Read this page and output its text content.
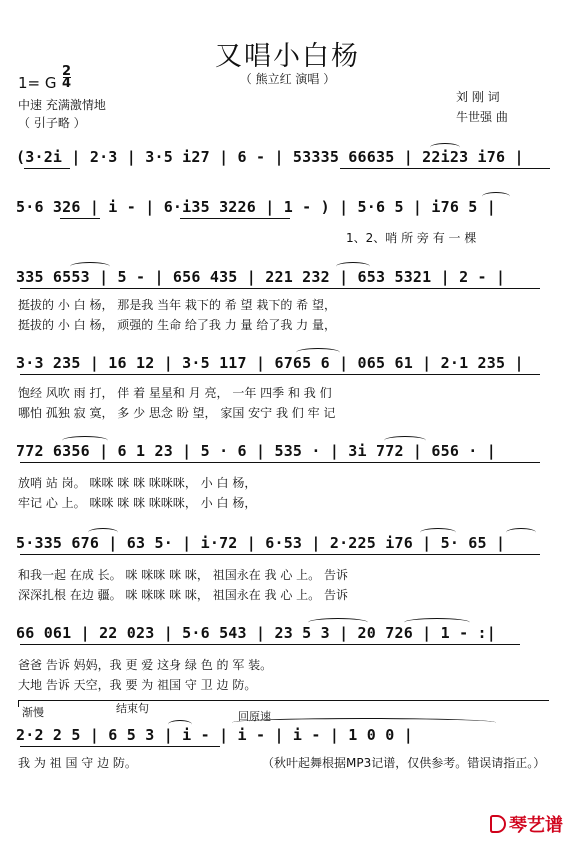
又唱小白杨
（ 熊立红 演唱 ）
1= G
2
4
中速 充满激情地
（ 引子略 ）
刘 刚 词
牛世强 曲
(3·2i | 2·3 | 3·5 i27 | 6 - | 53335 66635 | 22i23 i76 |
5·6 326 | i - | 6·i35 3226 | 1 - ) | 5·6 5 | i76 5 |
1、2、哨 所 旁 有 一 棵
335 6553 | 5 - | 656 435 | 221 232 | 653 5321 | 2 - |
挺拔的 小 白 杨， 那是我 当年 栽下的 希 望 栽下的 希 望，
挺拔的 小 白 杨， 顽强的 生命 给了我 力 量 给了我 力 量，
3·3 235 | 16 12 | 3·5 117 | 6765 6 | 065 61 | 2·1 235 |
饱经 风吹 雨 打， 伴 着 星星和 月 亮， 一年 四季 和 我 们
哪怕 孤独 寂 寞， 多 少 思念 盼 望， 家国 安宁 我 们 牢 记
772 6356 | 6 1 23 | 5 · 6 | 535 · | 3i 772 | 656 · |
放哨 站 岗。 咪咪 咪 咪 咪咪咪， 小 白 杨，
牢记 心 上。 咪咪 咪 咪 咪咪咪， 小 白 杨，
5·335 676 | 63 5· | i·72 | 6·53 | 2·225 i76 | 5· 65 |
和我一起 在成 长。 咪 咪咪 咪 咪， 祖国永在 我 心 上。 告诉
深深扎根 在边 疆。 咪 咪咪 咪 咪， 祖国永在 我 心 上。 告诉
66 061 | 22 023 | 5·6 543 | 23 5 3 | 20 726 | 1 - :|
爸爸 告诉 妈妈，我 更 爱 这身 绿 色 的 军 装。
大地 告诉 天空，我 要 为 祖国 守 卫 边 防。
渐慢	结束句
回原速
2·2 2 5 | 6 5 3 | i - | i - | i - | 1 0 0 |
我 为 祖 国 守 边 防。	（秋叶起舞根据MP3记谱，仅供参考。错误请指正。）
琴艺谱
